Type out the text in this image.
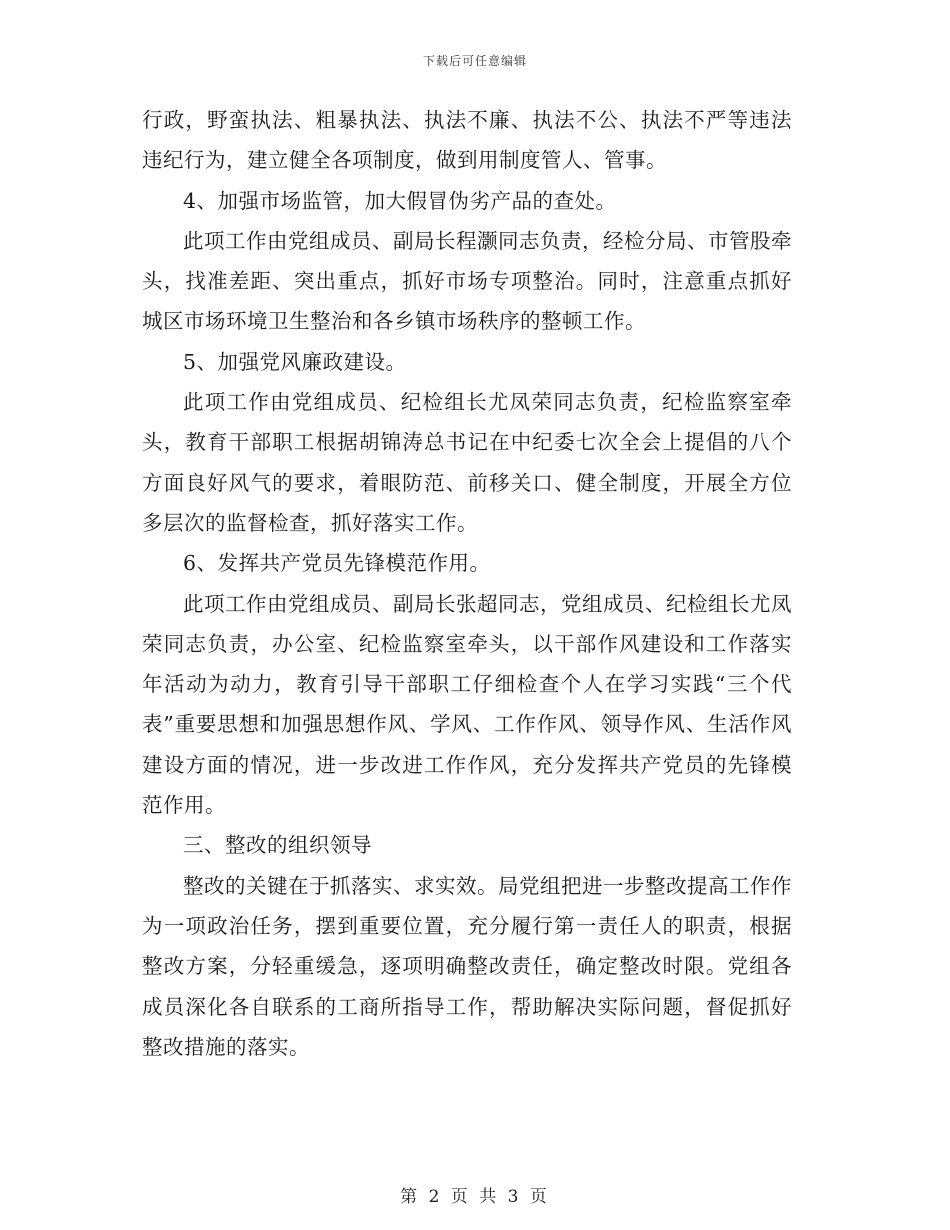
下载后可任意编辑

行政，野蛮执法、粗暴执法、执法不廉、执法不公、执法不严等违法违纪行为，建立健全各项制度，做到用制度管人、管事。

4、加强市场监管，加大假冒伪劣产品的查处。

此项工作由党组成员、副局长程灏同志负责，经检分局、市管股牵头，找准差距、突出重点，抓好市场专项整治。同时，注意重点抓好城区市场环境卫生整治和各乡镇市场秩序的整顿工作。

5、加强党风廉政建设。

此项工作由党组成员、纪检组长尤凤荣同志负责，纪检监察室牵头，教育干部职工根据胡锦涛总书记在中纪委七次全会上提倡的八个方面良好风气的要求，着眼防范、前移关口、健全制度，开展全方位多层次的监督检查，抓好落实工作。

6、发挥共产党员先锋模范作用。

此项工作由党组成员、副局长张超同志，党组成员、纪检组长尤凤荣同志负责，办公室、纪检监察室牵头，以干部作风建设和工作落实年活动为动力，教育引导干部职工仔细检查个人在学习实践“三个代表”重要思想和加强思想作风、学风、工作作风、领导作风、生活作风建设方面的情况，进一步改进工作作风，充分发挥共产党员的先锋模范作用。

三、整改的组织领导

整改的关键在于抓落实、求实效。局党组把进一步整改提高工作作为一项政治任务，摆到重要位置，充分履行第一责任人的职责，根据整改方案，分轻重缓急，逐项明确整改责任，确定整改时限。党组各成员深化各自联系的工商所指导工作，帮助解决实际问题，督促抓好整改措施的落实。

第 2 页 共 3 页
